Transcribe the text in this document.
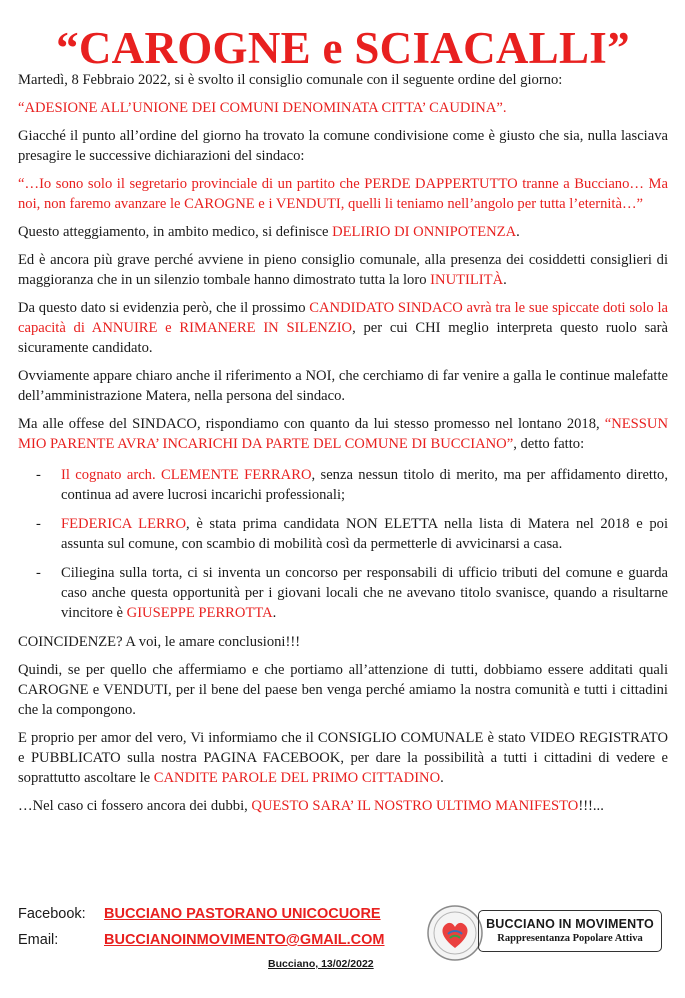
“CAROGNE e SCIACALLI”

Martedì, 8 Febbraio 2022, si è svolto il consiglio comunale con il seguente ordine del giorno:

“ADESIONE ALL’UNIONE DEI COMUNI DENOMINATA CITTA’ CAUDINA”.

Giacché il punto all’ordine del giorno ha trovato la comune condivisione come è giusto che sia, nulla lasciava presagire le successive dichiarazioni del sindaco:

“…Io sono solo il segretario provinciale di un partito che PERDE DAPPERTUTTO tranne a Bucciano… Ma noi, non faremo avanzare le CAROGNE e i VENDUTI, quelli li teniamo nell’angolo per tutta l’eternità…”

Questo atteggiamento, in ambito medico, si definisce DELIRIO DI ONNIPOTENZA.

Ed è ancora più grave perché avviene in pieno consiglio comunale, alla presenza dei cosiddetti consiglieri di maggioranza che in un silenzio tombale hanno dimostrato tutta la loro INUTILITÀ.

Da questo dato si evidenzia però, che il prossimo CANDIDATO SINDACO avrà tra le sue spiccate doti solo la capacità di ANNUIRE e RIMANERE IN SILENZIO, per cui CHI meglio interpreta questo ruolo sarà sicuramente candidato.

Ovviamente appare chiaro anche il riferimento a NOI, che cerchiamo di far venire a galla le continue malefatte dell’amministrazione Matera, nella persona del sindaco.

Ma alle offese del SINDACO, rispondiamo con quanto da lui stesso promesso nel lontano 2018, “NESSUN MIO PARENTE AVRA’ INCARICHI DA PARTE DEL COMUNE DI BUCCIANO”, detto fatto:

- Il cognato arch. CLEMENTE FERRARO, senza nessun titolo di merito, ma per affidamento diretto, continua ad avere lucrosi incarichi professionali;
- FEDERICA LERRO, è stata prima candidata NON ELETTA nella lista di Matera nel 2018 e poi assunta sul comune, con scambio di mobilità così da permetterle di avvicinarsi a casa.
- Ciliegina sulla torta, ci si inventa un concorso per responsabili di ufficio tributi del comune e guarda caso anche questa opportunità per i giovani locali che ne avevano titolo svanisce, quando a risultarne vincitore è GIUSEPPE PERROTTA.

COINCIDENZE? A voi, le amare conclusioni!!!

Quindi, se per quello che affermiamo e che portiamo all’attenzione di tutti, dobbiamo essere additati quali CAROGNE e VENDUTI, per il bene del paese ben venga perché amiamo la nostra comunità e tutti i cittadini che la compongono.

E proprio per amor del vero, Vi informiamo che il CONSIGLIO COMUNALE è stato VIDEO REGISTRATO e PUBBLICATO sulla nostra PAGINA FACEBOOK, per dare la possibilità a tutti i cittadini di vedere e soprattutto ascoltare le CANDITE PAROLE DEL PRIMO CITTADINO.

…Nel caso ci fossero ancora dei dubbi, QUESTO SARA’ IL NOSTRO ULTIMO MANIFESTO!!!...

Facebook: BUCCIANO PASTORANO UNICOCUORE
Email:	BUCCIANOINMOVIMENTO@GMAIL.COM
Bucciano, 13/02/2022
BUCCIANO IN MOVIMENTO
Rappresentanza Popolare Attiva
